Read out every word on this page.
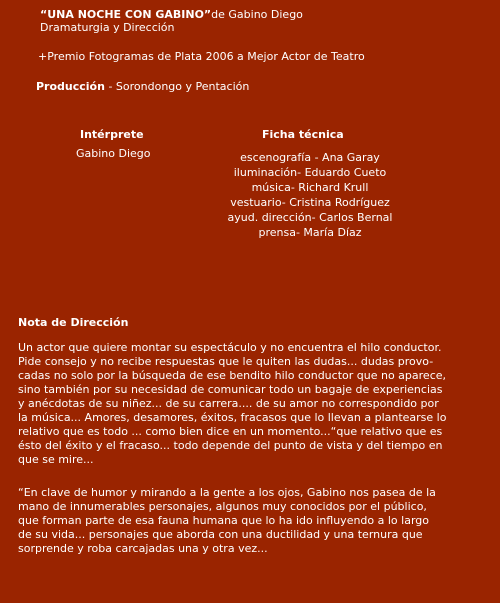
“UNA NOCHE CON GABINO”de Gabino Diego
Dramaturgia y Dirección
+Premio Fotogramas de Plata 2006 a Mejor Actor de Teatro
Producción - Sorondongo y Pentación
Intérprete
Gabino Diego
Ficha técnica
escenografía - Ana Garay
iluminación- Eduardo Cueto
música- Richard Krull
vestuario- Cristina Rodríguez
ayud. dirección- Carlos Bernal
prensa- María Díaz
Nota de Dirección
Un actor que quiere montar su espectáculo y no encuentra el hilo conductor.
Pide consejo y no recibe respuestas que le quiten las dudas... dudas provo-
cadas no solo por la búsqueda de ese bendito hilo conductor que no aparece,
sino también por su necesidad de comunicar todo un bagaje de experiencias
y anécdotas de su niñez... de su carrera.... de su amor no correspondido por
la música... Amores, desamores, éxitos, fracasos que lo llevan a plantearse lo
relativo que es todo ... como bien dice en un momento...“que relativo que es
ésto del éxito y el fracaso... todo depende del punto de vista y del tiempo en
que se mire...
“En clave de humor y mirando a la gente a los ojos, Gabino nos pasea de la
mano de innumerables personajes, algunos muy conocidos por el público,
que forman parte de esa fauna humana que lo ha ido influyendo a lo largo
de su vida... personajes que aborda con una ductilidad y una ternura que
sorprende y roba carcajadas una y otra vez...
